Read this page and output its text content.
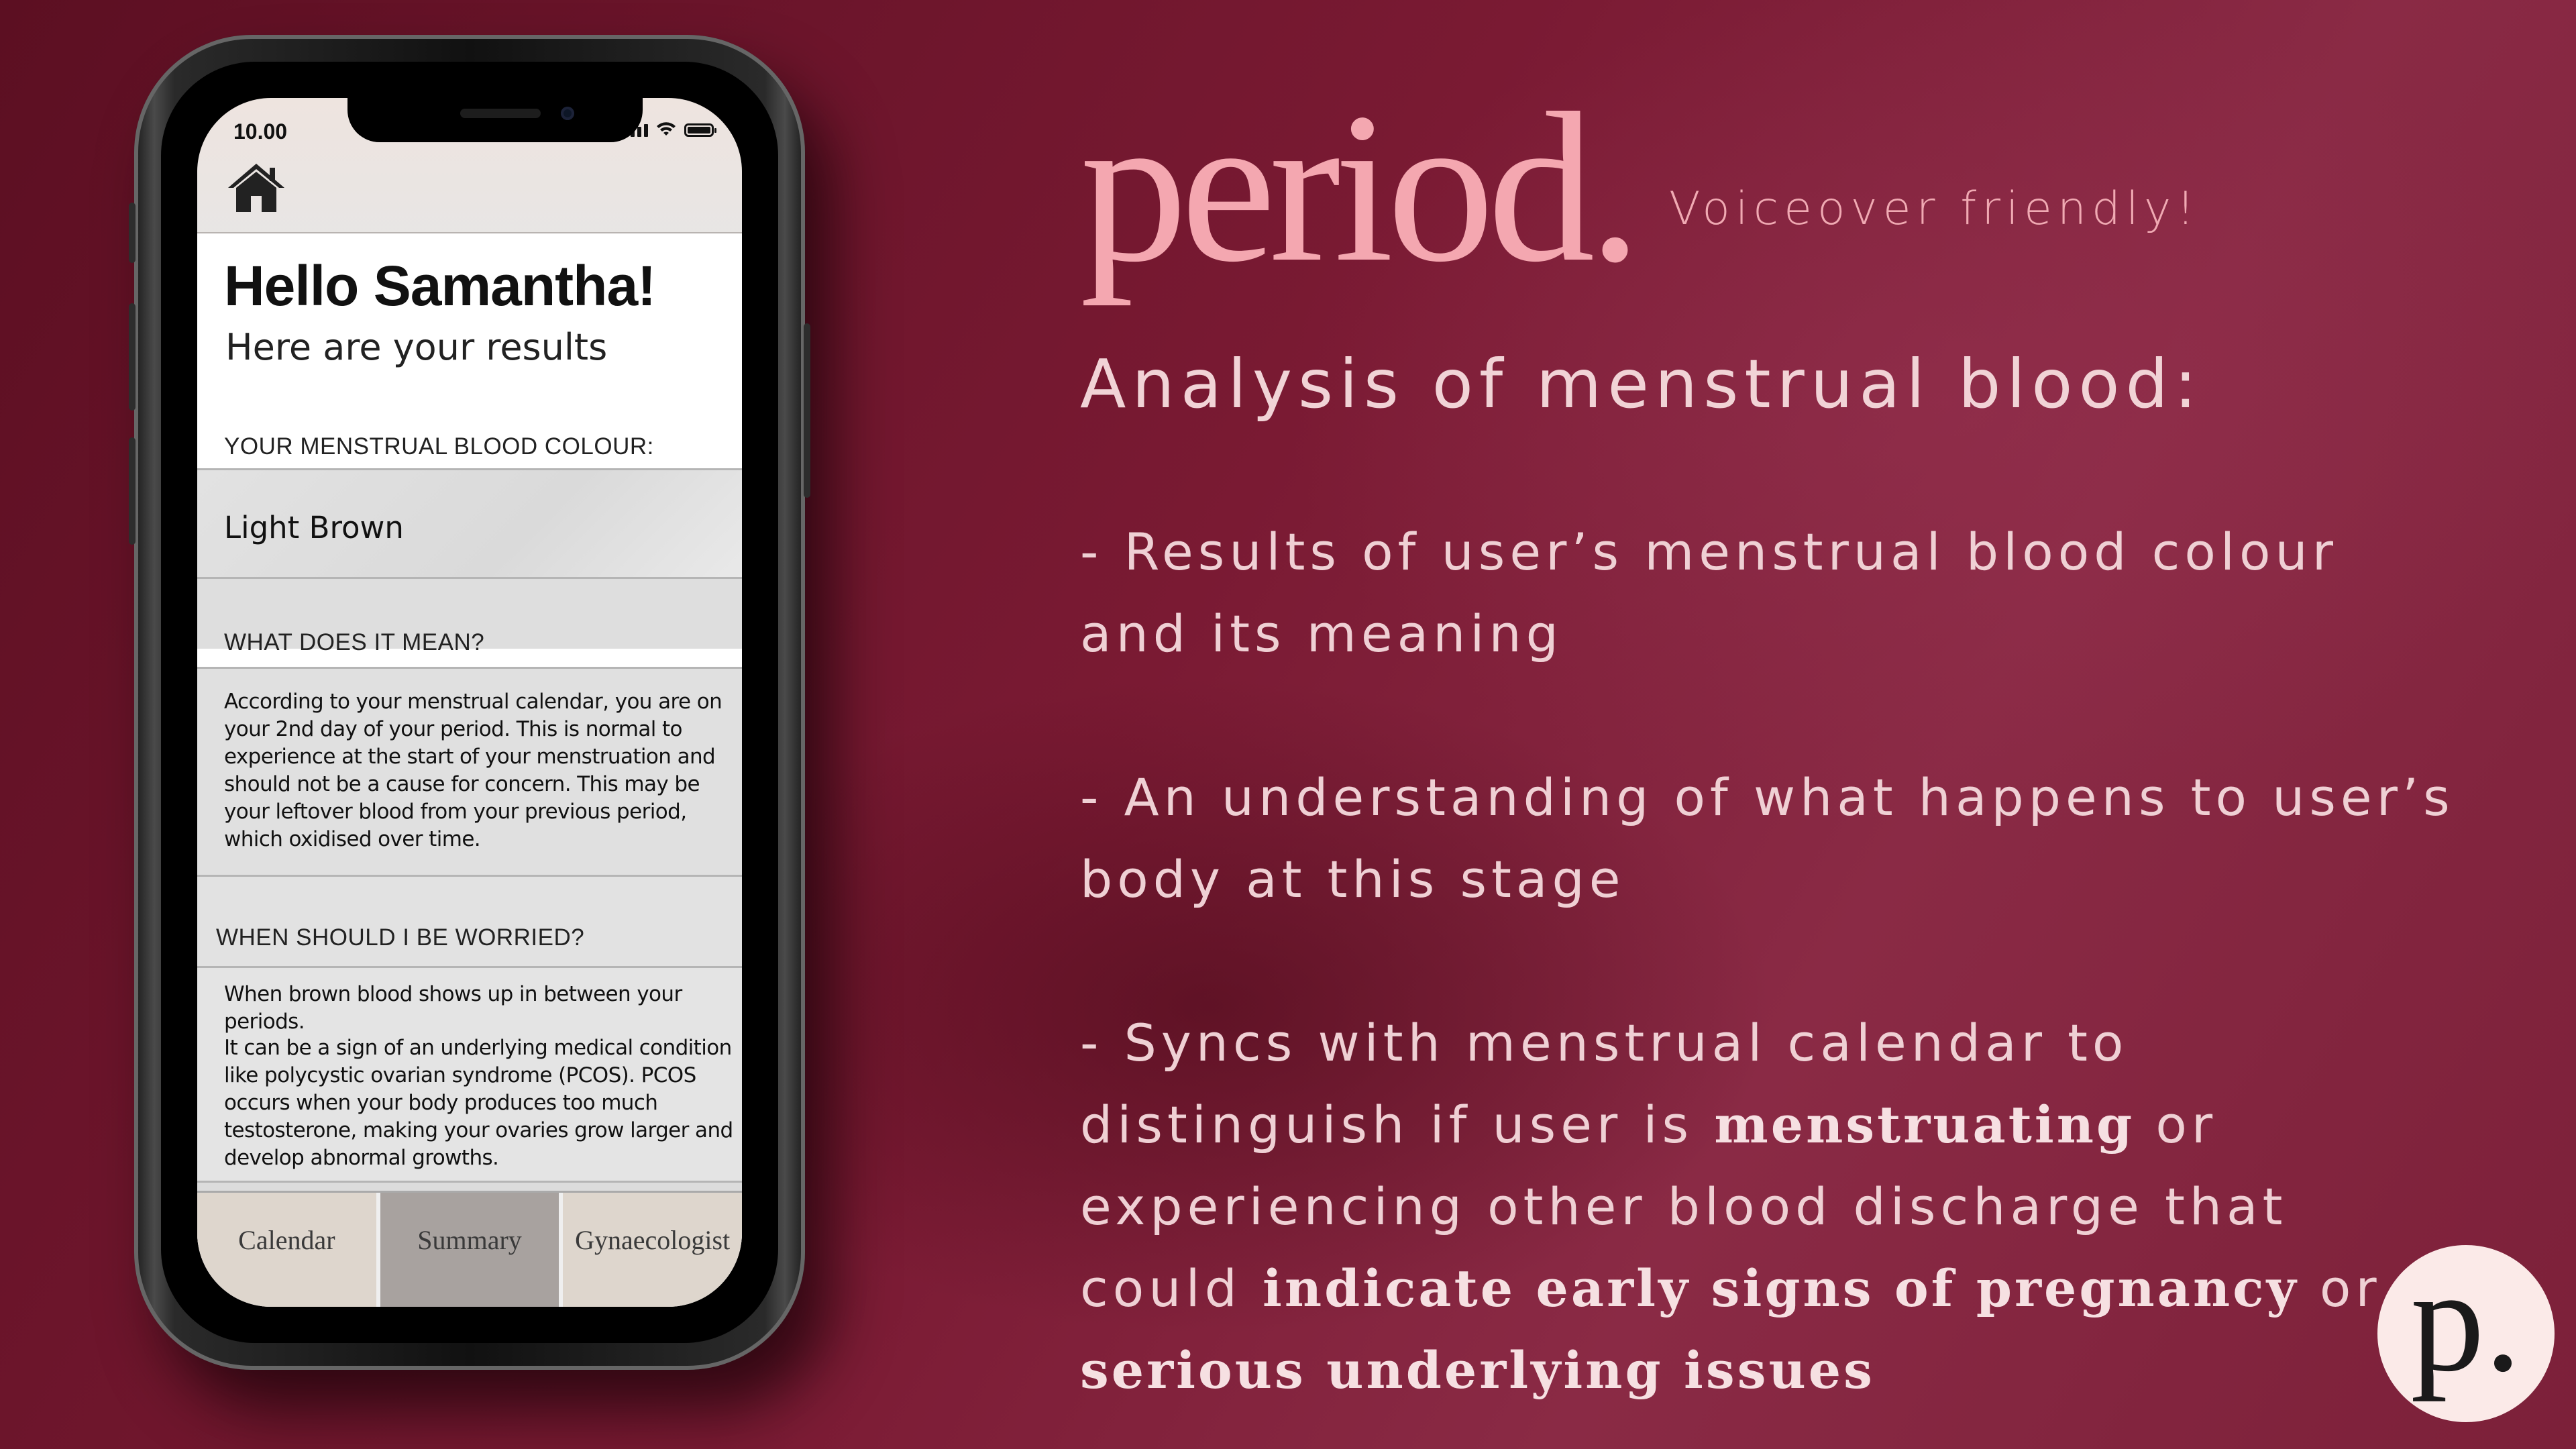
10.00
Hello Samantha!
Here are your results
YOUR MENSTRUAL BLOOD COLOUR:
Light Brown
WHAT DOES IT MEAN?
According to your menstrual calendar, you are on your 2nd day of your period. This is normal to experience at the start of your menstruation and should not be a cause for concern. This may be your leftover blood from your previous period, which oxidised over time.
WHEN SHOULD I BE WORRIED?
When brown blood shows up in between your periods.
It can be a sign of an underlying medical condition like polycystic ovarian syndrome (PCOS). PCOS occurs when your body produces too much testosterone, making your ovaries grow larger and develop abnormal growths.
Calendar	Summary	Gynaecologist
period. Voiceover friendly!
Analysis of menstrual blood:
- Results of user’s menstrual blood colour and its meaning
- An understanding of what happens to user’s body at this stage
- Syncs with menstrual calendar to distinguish if user is menstruating or experiencing other blood discharge that could indicate early signs of pregnancy or serious underlying issues	p.
